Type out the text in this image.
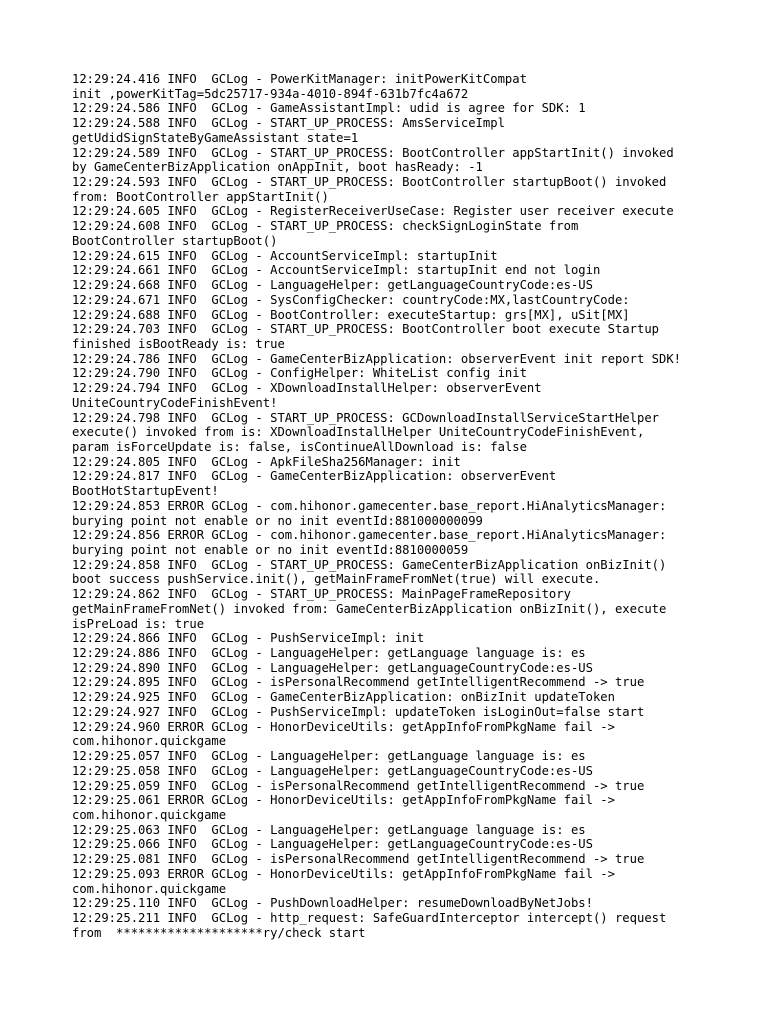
12:29:24.416 INFO  GCLog - PowerKitManager: initPowerKitCompat
init ,powerKitTag=5dc25717-934a-4010-894f-631b7fc4a672
12:29:24.586 INFO  GCLog - GameAssistantImpl: udid is agree for SDK: 1
12:29:24.588 INFO  GCLog - START_UP_PROCESS: AmsServiceImpl
getUdidSignStateByGameAssistant state=1
12:29:24.589 INFO  GCLog - START_UP_PROCESS: BootController appStartInit() invoked
by GameCenterBizApplication onAppInit, boot hasReady: -1
12:29:24.593 INFO  GCLog - START_UP_PROCESS: BootController startupBoot() invoked
from: BootController appStartInit()
12:29:24.605 INFO  GCLog - RegisterReceiverUseCase: Register user receiver execute
12:29:24.608 INFO  GCLog - START_UP_PROCESS: checkSignLoginState from
BootController startupBoot()
12:29:24.615 INFO  GCLog - AccountServiceImpl: startupInit
12:29:24.661 INFO  GCLog - AccountServiceImpl: startupInit end not login
12:29:24.668 INFO  GCLog - LanguageHelper: getLanguageCountryCode:es-US
12:29:24.671 INFO  GCLog - SysConfigChecker: countryCode:MX,lastCountryCode:
12:29:24.688 INFO  GCLog - BootController: executeStartup: grs[MX], uSit[MX]
12:29:24.703 INFO  GCLog - START_UP_PROCESS: BootController boot execute Startup
finished isBootReady is: true
12:29:24.786 INFO  GCLog - GameCenterBizApplication: observerEvent init report SDK!
12:29:24.790 INFO  GCLog - ConfigHelper: WhiteList config init
12:29:24.794 INFO  GCLog - XDownloadInstallHelper: observerEvent
UniteCountryCodeFinishEvent!
12:29:24.798 INFO  GCLog - START_UP_PROCESS: GCDownloadInstallServiceStartHelper
execute() invoked from is: XDownloadInstallHelper UniteCountryCodeFinishEvent,
param isForceUpdate is: false, isContinueAllDownload is: false
12:29:24.805 INFO  GCLog - ApkFileSha256Manager: init
12:29:24.817 INFO  GCLog - GameCenterBizApplication: observerEvent
BootHotStartupEvent!
12:29:24.853 ERROR GCLog - com.hihonor.gamecenter.base_report.HiAnalyticsManager:
burying point not enable or no init eventId:881000000099
12:29:24.856 ERROR GCLog - com.hihonor.gamecenter.base_report.HiAnalyticsManager:
burying point not enable or no init eventId:8810000059
12:29:24.858 INFO  GCLog - START_UP_PROCESS: GameCenterBizApplication onBizInit()
boot success pushService.init(), getMainFrameFromNet(true) will execute.
12:29:24.862 INFO  GCLog - START_UP_PROCESS: MainPageFrameRepository
getMainFrameFromNet() invoked from: GameCenterBizApplication onBizInit(), execute
isPreLoad is: true
12:29:24.866 INFO  GCLog - PushServiceImpl: init
12:29:24.886 INFO  GCLog - LanguageHelper: getLanguage language is: es
12:29:24.890 INFO  GCLog - LanguageHelper: getLanguageCountryCode:es-US
12:29:24.895 INFO  GCLog - isPersonalRecommend getIntelligentRecommend -> true
12:29:24.925 INFO  GCLog - GameCenterBizApplication: onBizInit updateToken
12:29:24.927 INFO  GCLog - PushServiceImpl: updateToken isLoginOut=false start
12:29:24.960 ERROR GCLog - HonorDeviceUtils: getAppInfoFromPkgName fail ->
com.hihonor.quickgame
12:29:25.057 INFO  GCLog - LanguageHelper: getLanguage language is: es
12:29:25.058 INFO  GCLog - LanguageHelper: getLanguageCountryCode:es-US
12:29:25.059 INFO  GCLog - isPersonalRecommend getIntelligentRecommend -> true
12:29:25.061 ERROR GCLog - HonorDeviceUtils: getAppInfoFromPkgName fail ->
com.hihonor.quickgame
12:29:25.063 INFO  GCLog - LanguageHelper: getLanguage language is: es
12:29:25.066 INFO  GCLog - LanguageHelper: getLanguageCountryCode:es-US
12:29:25.081 INFO  GCLog - isPersonalRecommend getIntelligentRecommend -> true
12:29:25.093 ERROR GCLog - HonorDeviceUtils: getAppInfoFromPkgName fail ->
com.hihonor.quickgame
12:29:25.110 INFO  GCLog - PushDownloadHelper: resumeDownloadByNetJobs!
12:29:25.211 INFO  GCLog - http_request: SafeGuardInterceptor intercept() request
from  ********************ry/check start
